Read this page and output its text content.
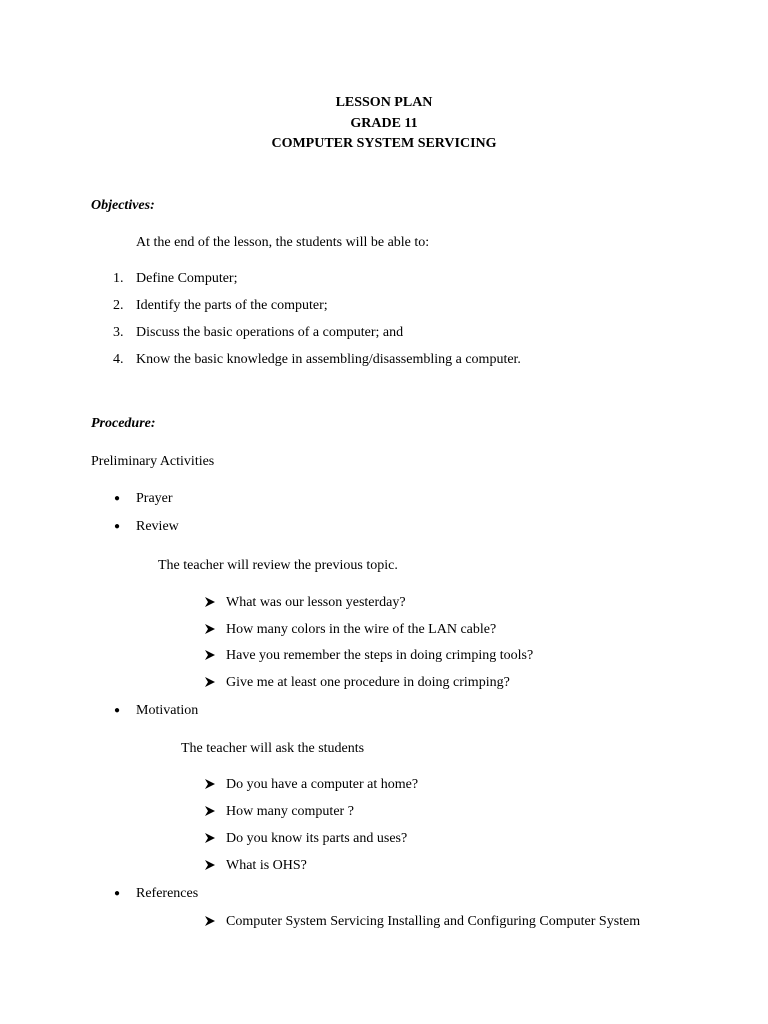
LESSON PLAN
GRADE 11
COMPUTER SYSTEM SERVICING
Objectives:
At the end of the lesson, the students will be able to:
1. Define Computer;
2. Identify the parts of the computer;
3. Discuss the basic operations of a computer; and
4. Know the basic knowledge in assembling/disassembling a computer.
Procedure:
Preliminary Activities
● Prayer
● Review
The teacher will review the previous topic.
What was our lesson yesterday?
How many colors in the wire of the LAN cable?
Have you remember the steps in doing crimping tools?
Give me at least one procedure in doing crimping?
● Motivation
The teacher will ask the students
Do you have a computer at home?
How many computer ?
Do you know its parts and uses?
What is OHS?
● References
Computer System Servicing Installing and Configuring Computer System
